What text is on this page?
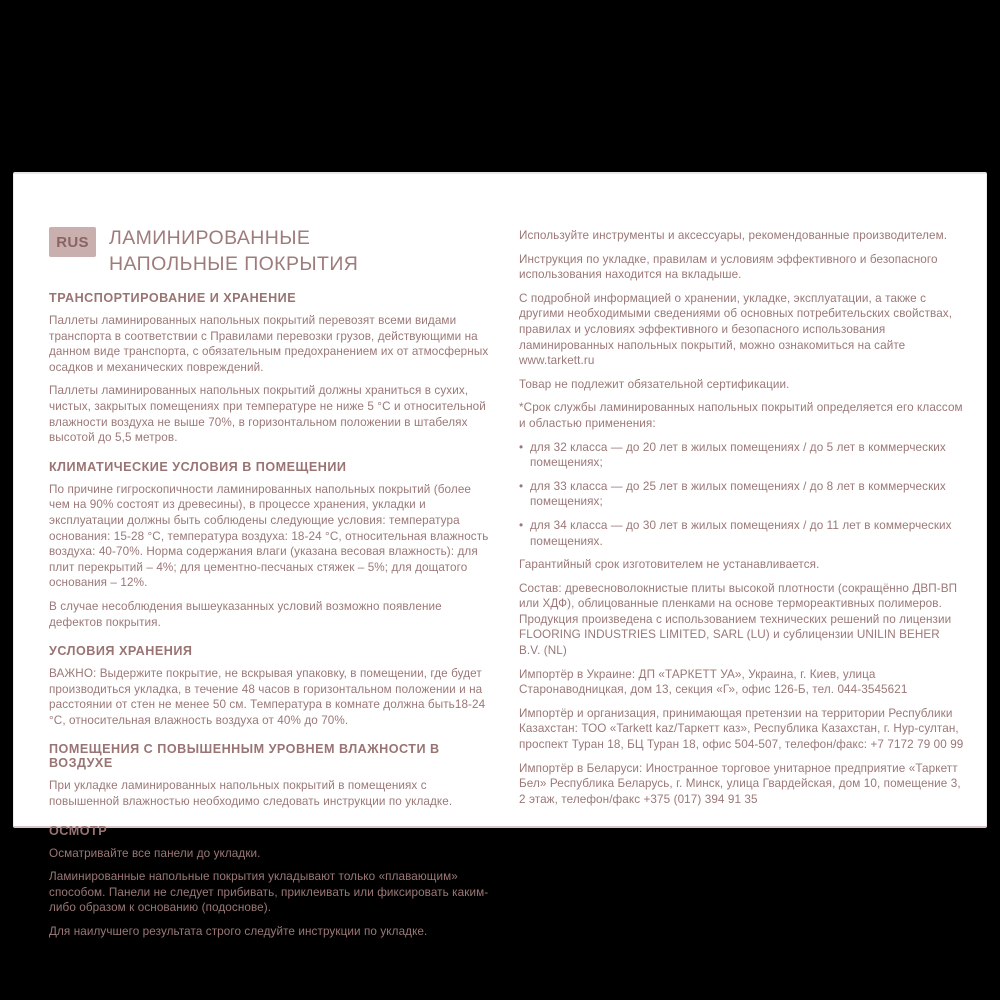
RUS	ЛАМИНИРОВАННЫЕ
НАПОЛЬНЫЕ ПОКРЫТИЯ
ТРАНСПОРТИРОВАНИЕ И ХРАНЕНИЕ

Паллеты ламинированных напольных покрытий перевозят всеми видами транспорта в соответствии с Правилами перевозки грузов, действующими на данном виде транспорта, с обязательным предохранением их от атмосферных осадков и механических повреждений.

Паллеты ламинированных напольных покрытий должны храниться в сухих, чистых, закрытых помещениях при температуре не ниже 5 °С и относительной влажности воздуха не выше 70%, в горизонтальном положении в штабелях высотой до 5,5 метров.

КЛИМАТИЧЕСКИЕ УСЛОВИЯ В ПОМЕЩЕНИИ

По причине гигроскопичности ламинированных напольных покрытий (более чем на 90% состоят из древесины), в процессе хранения, укладки и эксплуатации должны быть соблюдены следующие условия: температура основания: 15-28 °С, температура воздуха: 18-24 °С, относительная влажность воздуха: 40-70%. Норма содержания влаги (указана весовая влажность): для плит перекрытий – 4%; для цементно-песчаных стяжек – 5%; для дощатого основания – 12%.

В случае несоблюдения вышеуказанных условий возможно появление дефектов покрытия.

УСЛОВИЯ ХРАНЕНИЯ

ВАЖНО: Выдержите покрытие, не вскрывая упаковку, в помещении, где будет производиться укладка, в течение 48 часов в горизонтальном положении и на расстоянии от стен не менее 50 см. Температура в комнате должна быть18-24 °С, относительная влажность воздуха от 40% до 70%.

ПОМЕЩЕНИЯ С ПОВЫШЕННЫМ УРОВНЕМ ВЛАЖНОСТИ В ВОЗДУХЕ

При укладке ламинированных напольных покрытий в помещениях с повышенной влажностью необходимо следовать инструкции по укладке.

ОСМОТР

Осматривайте все панели до укладки.

Ламинированные напольные покрытия укладывают только «плавающим» способом. Панели не следует прибивать, приклеивать или фиксировать каким-либо образом к основанию (подоснове).

Для наилучшего результата строго следуйте инструкции по укладке.

Используйте инструменты и аксессуары, рекомендованные производителем.

Инструкция по укладке, правилам и условиям эффективного и безопасного использования находится на вкладыше.

С подробной информацией о хранении, укладке, эксплуатации, а также с другими необходимыми сведениями об основных потребительских свойствах, правилах и условиях эффективного и безопасного использования ламинированных напольных покрытий, можно ознакомиться на сайте www.tarkett.ru

Товар не подлежит обязательной сертификации.

*Срок службы ламинированных напольных покрытий определяется его классом и областью применения:

• для 32 класса — до 20 лет в жилых помещениях / до 5 лет в коммерческих помещениях;

• для 33 класса — до 25 лет в жилых помещениях / до 8 лет в коммерческих помещениях;

• для 34 класса — до 30 лет в жилых помещениях / до 11 лет в коммерческих помещениях.

Гарантийный срок изготовителем не устанавливается.

Состав: древесноволокнистые плиты высокой плотности (сокращённо ДВП-ВП или ХДФ), облицованные пленками на основе термореактивных полимеров. Продукция произведена с использованием технических решений по лицензии FLOORING INDUSTRIES LIMITED, SARL (LU) и сублицензии UNILIN BEHER B.V. (NL)

Импортёр в Украине: ДП «ТАРКЕТТ УА», Украина, г. Киев, улица Старонаводницкая, дом 13, секция «Г», офис 126-Б, тел. 044-3545621

Импортёр и организация, принимающая претензии на территории Республики Казахстан: ТОО «Tarkett kaz/Таркетт каз», Республика Казахстан, г. Нур-султан, проспект Туран 18, БЦ Туран 18, офис 504-507, телефон/факс: +7 7172 79 00 99

Импортёр в Беларуси: Иностранное торговое унитарное предприятие «Таркетт Бел» Республика Беларусь, г. Минск, улица Гвардейская, дом 10, помещение 3, 2 этаж, телефон/факс +375 (017) 394 91 35
